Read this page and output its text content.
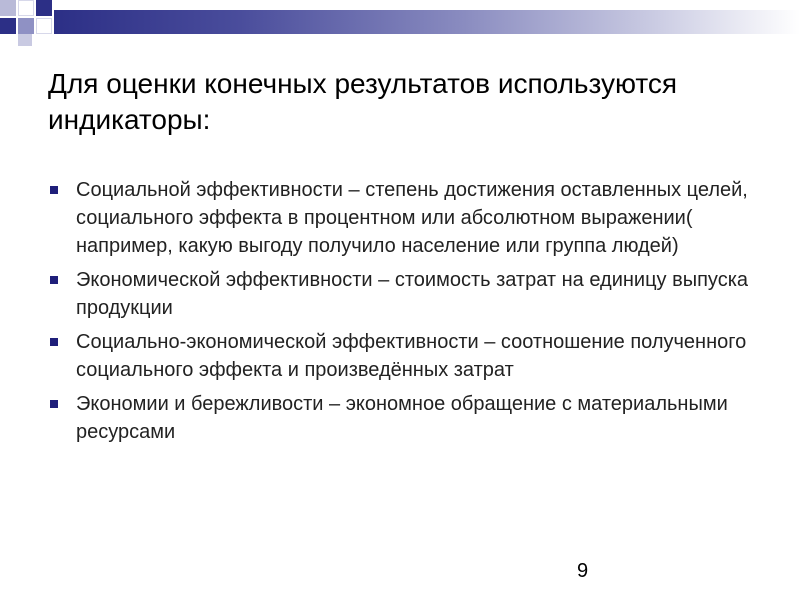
Для оценки конечных результатов используются индикаторы:
Социальной эффективности – степень достижения оставленных целей, социального эффекта в процентном или абсолютном выражении( например, какую выгоду получило население или группа людей)
Экономической эффективности – стоимость затрат на единицу выпуска продукции
Социально-экономической эффективности – соотношение полученного социального эффекта и произведённых затрат
Экономии и бережливости – экономное обращение с материальными ресурсами
9
